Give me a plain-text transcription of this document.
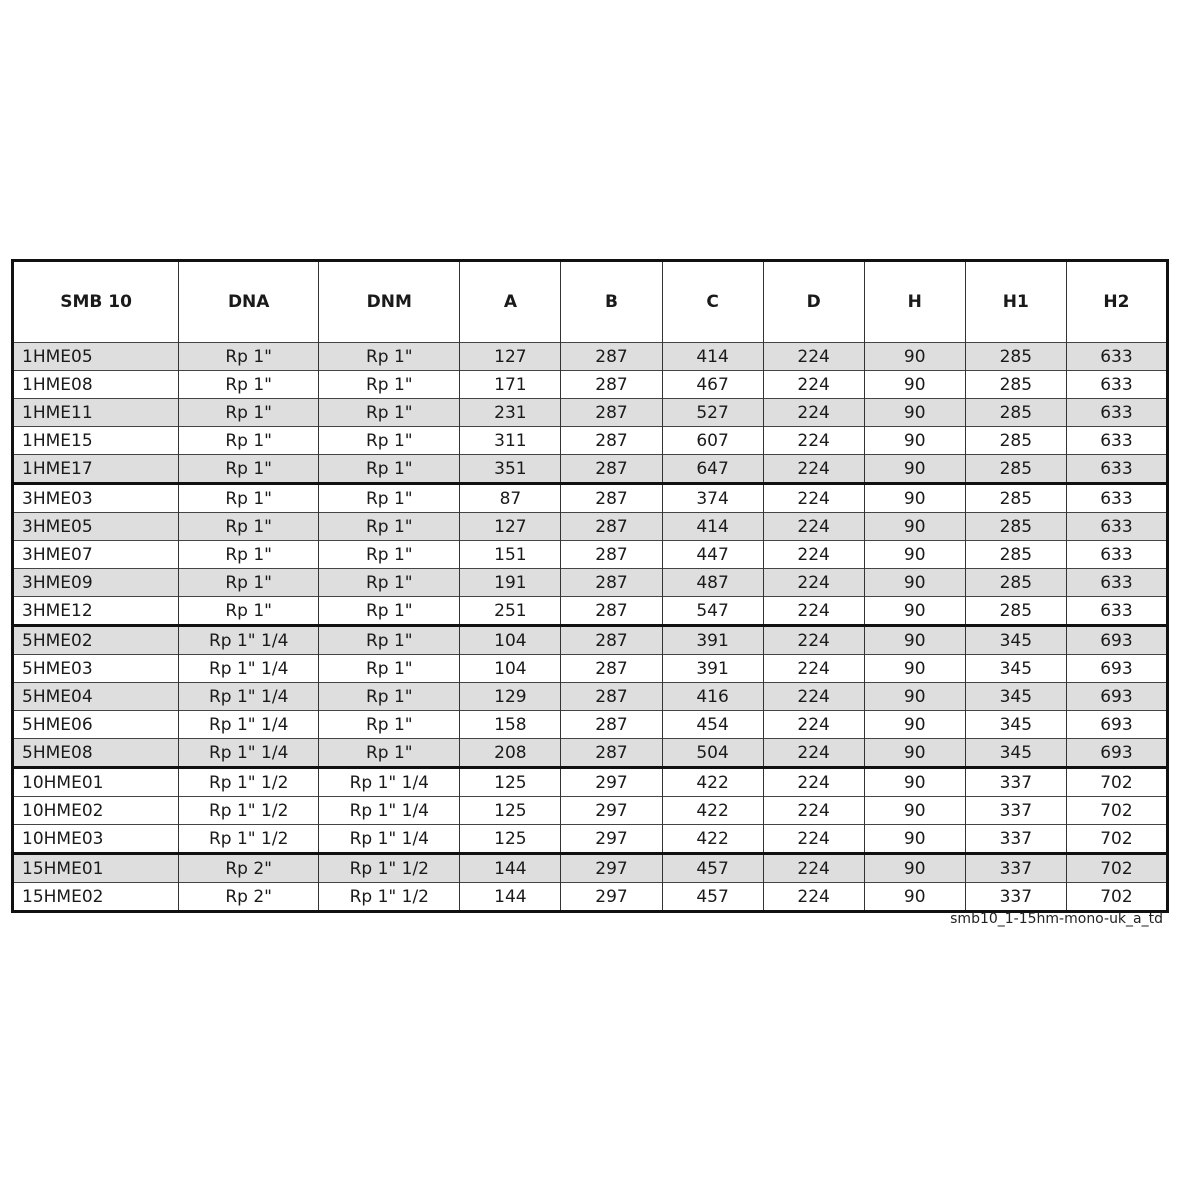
SMB 10	DNA	DNM	A	B	C	D	H	H1	H2
1HME05	Rp 1"	Rp 1"	127	287	414	224	90	285	633
1HME08	Rp 1"	Rp 1"	171	287	467	224	90	285	633
1HME11	Rp 1"	Rp 1"	231	287	527	224	90	285	633
1HME15	Rp 1"	Rp 1"	311	287	607	224	90	285	633
1HME17	Rp 1"	Rp 1"	351	287	647	224	90	285	633
3HME03	Rp 1"	Rp 1"	87	287	374	224	90	285	633
3HME05	Rp 1"	Rp 1"	127	287	414	224	90	285	633
3HME07	Rp 1"	Rp 1"	151	287	447	224	90	285	633
3HME09	Rp 1"	Rp 1"	191	287	487	224	90	285	633
3HME12	Rp 1"	Rp 1"	251	287	547	224	90	285	633
5HME02	Rp 1" 1/4	Rp 1"	104	287	391	224	90	345	693
5HME03	Rp 1" 1/4	Rp 1"	104	287	391	224	90	345	693
5HME04	Rp 1" 1/4	Rp 1"	129	287	416	224	90	345	693
5HME06	Rp 1" 1/4	Rp 1"	158	287	454	224	90	345	693
5HME08	Rp 1" 1/4	Rp 1"	208	287	504	224	90	345	693
10HME01	Rp 1" 1/2	Rp 1" 1/4	125	297	422	224	90	337	702
10HME02	Rp 1" 1/2	Rp 1" 1/4	125	297	422	224	90	337	702
10HME03	Rp 1" 1/2	Rp 1" 1/4	125	297	422	224	90	337	702
15HME01	Rp 2"	Rp 1" 1/2	144	297	457	224	90	337	702
15HME02	Rp 2"	Rp 1" 1/2	144	297	457	224	90	337	702
smb10_1-15hm-mono-uk_a_td
